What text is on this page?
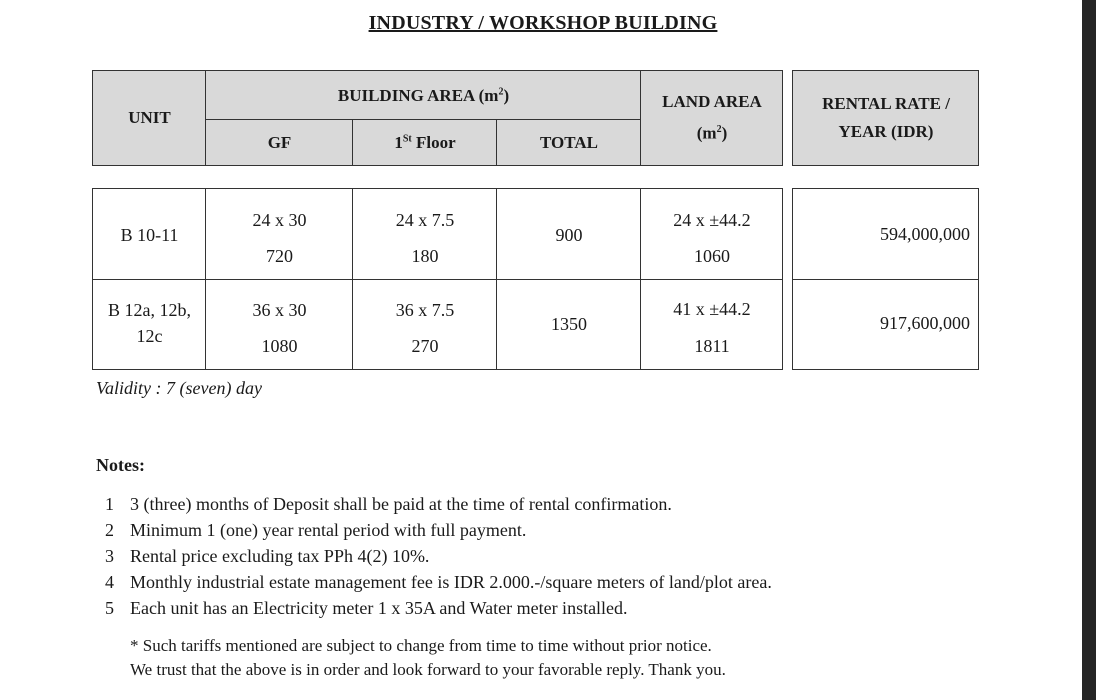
INDUSTRY / WORKSHOP BUILDING
UNIT
BUILDING AREA $(m^2)$
GF	1St Floor	TOTAL
LAND AREA
$(m^2)$
RENTAL RATE /
YEAR (IDR)
B 10-11
24 x 30
720
24 x 7.5
180
900
24 x ±44.2
1060
594,000,000
B 12a, 12b,
12c
36 x 30
1080
36 x 7.5
270
1350
41 x ±44.2
1811
917,600,000
Validity : 7 (seven) day
Notes:
1 3 (three) months of Deposit shall be paid at the time of rental confirmation.
2 Minimum 1 (one) year rental period with full payment.
3 Rental price excluding tax PPh 4(2) 10%.
4 Monthly industrial estate management fee is IDR 2.000.-/square meters of land/plot area.
5 Each unit has an Electricity meter 1 x 35A and Water meter installed.
* Such tariffs mentioned are subject to change from time to time without prior notice.
We trust that the above is in order and look forward to your favorable reply. Thank you.
